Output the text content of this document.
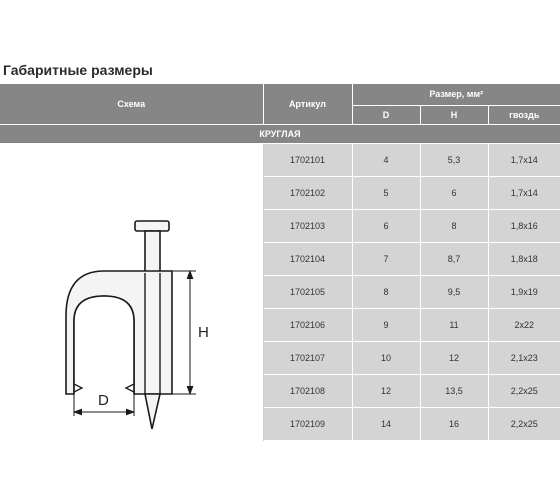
Габаритные размеры
Схема	Артикул	Размер, мм²		
		D	H	гвоздь
КРУГЛАЯ				

H
D	1702101	4	5,3	1,7х14
	1702102	5	6	1,7х14
	1702103	6	8	1,8х16
	1702104	7	8,7	1,8х18
	1702105	8	9,5	1,9х19
	1702106	9	11	2х22
	1702107	10	12	2,1х23
	1702108	12	13,5	2,2х25
	1702109	14	16	2,2х25
